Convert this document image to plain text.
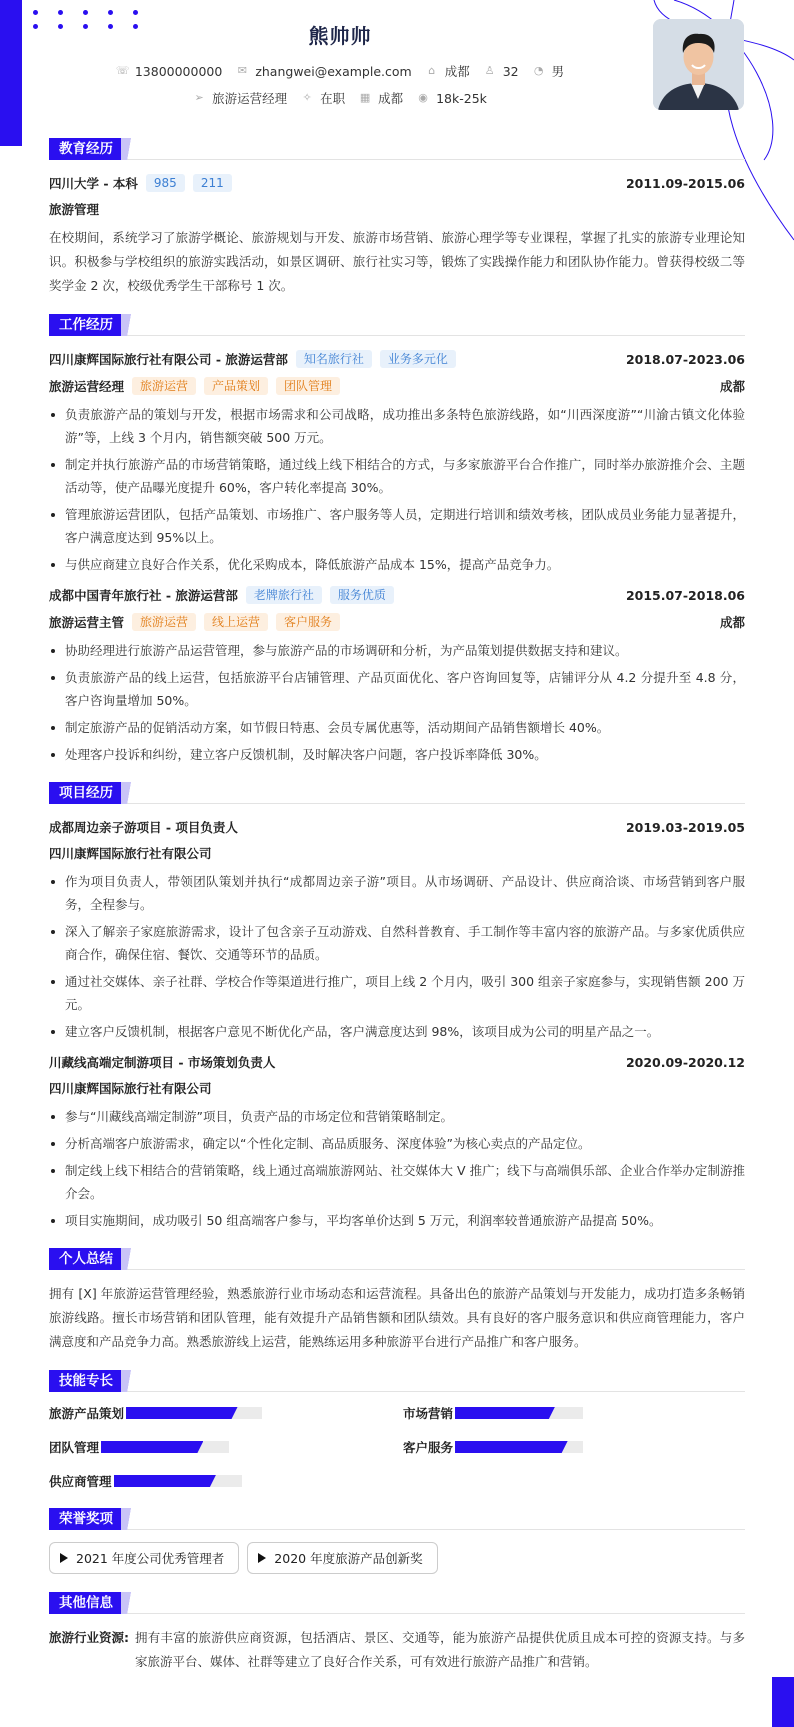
熊帅帅
☏ 13800000000 ✉ zhangwei@example.com ⌂ 成都 ♙ 32 ◔ 男
➢ 旅游运营经理 ✧ 在职 ▦ 成都 ◉ 18k-25k
教育经历
四川大学 - 本科	985	211	2011.09-2015.06
旅游管理

在校期间，系统学习了旅游学概论、旅游规划与开发、旅游市场营销、旅游心理学等专业课程，掌握了扎实的旅游专业理论知识。积极参与学校组织的旅游实践活动，如景区调研、旅行社实习等，锻炼了实践操作能力和团队协作能力。曾获得校级二等奖学金 2 次，校级优秀学生干部称号 1 次。

工作经历
四川康辉国际旅行社有限公司 - 旅游运营部	知名旅行社	业务多元化	2018.07-2023.06
旅游运营经理	旅游运营	产品策划	团队管理	成都
负责旅游产品的策划与开发，根据市场需求和公司战略，成功推出多条特色旅游线路，如“川西深度游”“川渝古镇文化体验游”等，上线 3 个月内，销售额突破 500 万元。
制定并执行旅游产品的市场营销策略，通过线上线下相结合的方式，与多家旅游平台合作推广，同时举办旅游推介会、主题活动等，使产品曝光度提升 60%，客户转化率提高 30%。
管理旅游运营团队，包括产品策划、市场推广、客户服务等人员，定期进行培训和绩效考核，团队成员业务能力显著提升，客户满意度达到 95%以上。
与供应商建立良好合作关系，优化采购成本，降低旅游产品成本 15%，提高产品竞争力。
成都中国青年旅行社 - 旅游运营部	老牌旅行社	服务优质	2015.07-2018.06
旅游运营主管	旅游运营	线上运营	客户服务	成都
协助经理进行旅游产品运营管理，参与旅游产品的市场调研和分析，为产品策划提供数据支持和建议。
负责旅游产品的线上运营，包括旅游平台店铺管理、产品页面优化、客户咨询回复等，店铺评分从 4.2 分提升至 4.8 分，客户咨询量增加 50%。
制定旅游产品的促销活动方案，如节假日特惠、会员专属优惠等，活动期间产品销售额增长 40%。
处理客户投诉和纠纷，建立客户反馈机制，及时解决客户问题，客户投诉率降低 30%。
项目经历
成都周边亲子游项目 - 项目负责人	2019.03-2019.05
四川康辉国际旅行社有限公司
作为项目负责人，带领团队策划并执行“成都周边亲子游”项目。从市场调研、产品设计、供应商洽谈、市场营销到客户服务，全程参与。
深入了解亲子家庭旅游需求，设计了包含亲子互动游戏、自然科普教育、手工制作等丰富内容的旅游产品。与多家优质供应商合作，确保住宿、餐饮、交通等环节的品质。
通过社交媒体、亲子社群、学校合作等渠道进行推广，项目上线 2 个月内，吸引 300 组亲子家庭参与，实现销售额 200 万元。
建立客户反馈机制，根据客户意见不断优化产品，客户满意度达到 98%，该项目成为公司的明星产品之一。
川藏线高端定制游项目 - 市场策划负责人	2020.09-2020.12
四川康辉国际旅行社有限公司
参与“川藏线高端定制游”项目，负责产品的市场定位和营销策略制定。
分析高端客户旅游需求，确定以“个性化定制、高品质服务、深度体验”为核心卖点的产品定位。
制定线上线下相结合的营销策略，线上通过高端旅游网站、社交媒体大 V 推广；线下与高端俱乐部、企业合作举办定制游推介会。
项目实施期间，成功吸引 50 组高端客户参与，平均客单价达到 5 万元，利润率较普通旅游产品提高 50%。
个人总结

拥有 [X] 年旅游运营管理经验，熟悉旅游行业市场动态和运营流程。具备出色的旅游产品策划与开发能力，成功打造多条畅销旅游线路。擅长市场营销和团队管理，能有效提升产品销售额和团队绩效。具有良好的客户服务意识和供应商管理能力，客户满意度和产品竞争力高。熟悉旅游线上运营，能熟练运用多种旅游平台进行产品推广和客户服务。

技能专长
旅游产品策划	市场营销
团队管理	客户服务
供应商管理
荣誉奖项
2021 年度公司优秀管理者	2020 年度旅游产品创新奖
其他信息
旅游行业资源: 拥有丰富的旅游供应商资源，包括酒店、景区、交通等，能为旅游产品提供优质且成本可控的资源支持。与多家旅游平台、媒体、社群等建立了良好合作关系，可有效进行旅游产品推广和营销。
